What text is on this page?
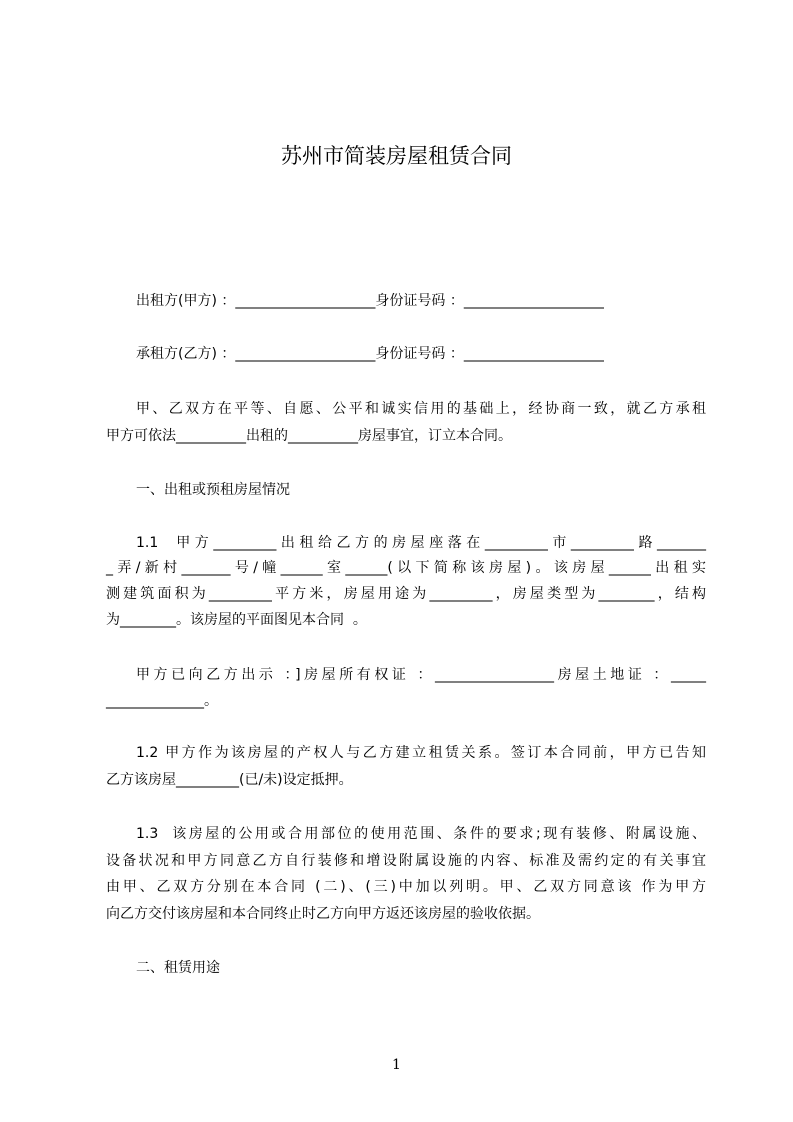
苏州市简装房屋租赁合同
出租方(甲方) ：____________________身份证号码 ：____________________
承租方(乙方) ：____________________身份证号码 ：____________________
甲、乙双方在平等、自愿、公平和诚实信用的基础上，经协商一致，就乙方承租
甲方可依法__________出租的__________房屋事宜，订立本合同。
一、出租或预租房屋情况
1.1  甲方_________出租给乙方的房屋座落在_________市_________路_______
_弄/新村_______号/幢______室______(以下简称该房屋)。该房屋______出租实
测建筑面积为_________平方米，房屋用途为_________，房屋类型为________，结构
为________。该房屋的平面图见本合同  。
甲方已向乙方出示 ：]房屋所有权证 ：_________________房屋土地证 ：_____
______________。
1.2 甲方作为该房屋的产权人与乙方建立租赁关系。签订本合同前，甲方已告知
乙方该房屋_________(已/未)设定抵押。
1.3  该房屋的公用或合用部位的使用范围、条件的要求;现有装修、附属设施、
设备状况和甲方同意乙方自行装修和增设附属设施的内容、标准及需约定的有关事宜
由甲、乙双方分别在本合同 (二)、(三)中加以列明。甲、乙双方同意该 作为甲方
向乙方交付该房屋和本合同终止时乙方向甲方返还该房屋的验收依据。
二、租赁用途
1
